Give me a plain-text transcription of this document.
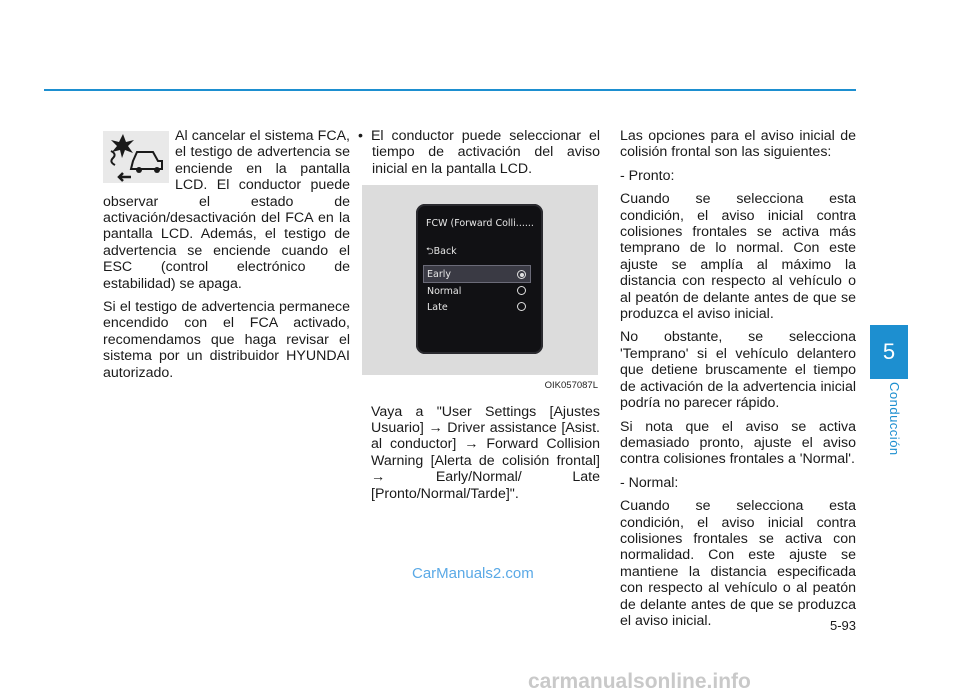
Al cancelar el sistema FCA, el testigo de advertencia se enciende en la pantalla LCD. El conductor puede observar el estado de activación/desactivación del FCA en la pantalla LCD. Además, el testigo de advertencia se enciende cuando el ESC (control electrónico de estabilidad) se apaga.

Si el testigo de advertencia permanece encendido con el FCA activado, recomendamos que haga revisar el sistema por un distribuidor HYUNDAI autorizado.

• El conductor puede seleccionar el tiempo de activación del aviso inicial en la pantalla LCD.

FCW (Forward Colli......
⮌Back
Early
Normal
Late
OIK057087L

Vaya a "User Settings [Ajustes Usuario] → Driver assistance [Asist. al conductor] → Forward Collision Warning [Alerta de colisión frontal] → Early/Normal/ Late [Pronto/Normal/Tarde]".

Las opciones para el aviso inicial de colisión frontal son las siguientes:

- Pronto:

Cuando se selecciona esta condición, el aviso inicial contra colisiones frontales se activa más temprano de lo normal. Con este ajuste se amplía al máximo la distancia con respecto al vehículo o al peatón de delante antes de que se produzca el aviso inicial.

No obstante, se selecciona 'Temprano' si el vehículo delantero que detiene bruscamente el tiempo de activación de la advertencia inicial podría no parecer rápido.

Si nota que el aviso se activa demasiado pronto, ajuste el aviso contra colisiones frontales a 'Normal'.

- Normal:

Cuando se selecciona esta condición, el aviso inicial contra colisiones frontales se activa con normalidad. Con este ajuste se mantiene la distancia especificada con respecto al vehículo o al peatón de delante antes de que se produzca el aviso inicial.

5
Conducción
5-93
CarManuals2.com
carmanualsonline.info
